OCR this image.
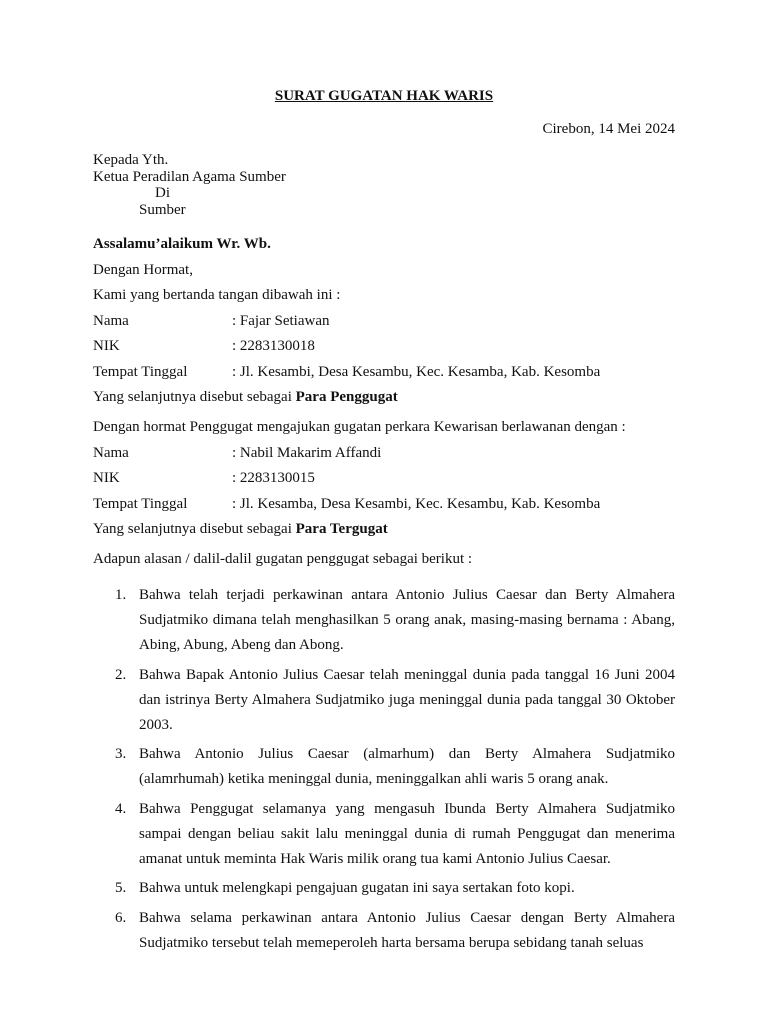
SURAT GUGATAN HAK WARIS
Cirebon, 14 Mei 2024
Kepada Yth.
Ketua Peradilan Agama Sumber
Di
Sumber
Assalamu’alaikum Wr. Wb.
Dengan Hormat,
Kami yang bertanda tangan dibawah ini :
Nama	: Fajar Setiawan
NIK	: 2283130018
Tempat Tinggal	: Jl. Kesambi, Desa Kesambu, Kec. Kesamba, Kab. Kesomba
Yang selanjutnya disebut sebagai Para Penggugat
Dengan hormat Penggugat mengajukan gugatan perkara Kewarisan berlawanan dengan :
Nama	: Nabil Makarim Affandi
NIK	: 2283130015
Tempat Tinggal	: Jl. Kesamba, Desa Kesambi, Kec. Kesambu, Kab. Kesomba
Yang selanjutnya disebut sebagai Para Tergugat
Adapun alasan / dalil-dalil gugatan penggugat sebagai berikut :
1. Bahwa telah terjadi perkawinan antara Antonio Julius Caesar dan Berty Almahera Sudjatmiko dimana telah menghasilkan 5 orang anak, masing-masing bernama : Abang, Abing, Abung, Abeng dan Abong.
2. Bahwa Bapak Antonio Julius Caesar telah meninggal dunia pada tanggal 16 Juni 2004 dan istrinya Berty Almahera Sudjatmiko juga meninggal dunia pada tanggal 30 Oktober 2003.
3. Bahwa Antonio Julius Caesar (almarhum) dan Berty Almahera Sudjatmiko (alamrhumah) ketika meninggal dunia, meninggalkan ahli waris 5 orang anak.
4. Bahwa Penggugat selamanya yang mengasuh Ibunda Berty Almahera Sudjatmiko sampai dengan beliau sakit lalu meninggal dunia di rumah Penggugat dan menerima amanat untuk meminta Hak Waris milik orang tua kami Antonio Julius Caesar.
5. Bahwa untuk melengkapi pengajuan gugatan ini saya sertakan foto kopi.
6. Bahwa selama perkawinan antara Antonio Julius Caesar dengan Berty Almahera Sudjatmiko tersebut telah memeperoleh harta bersama berupa sebidang tanah seluas
